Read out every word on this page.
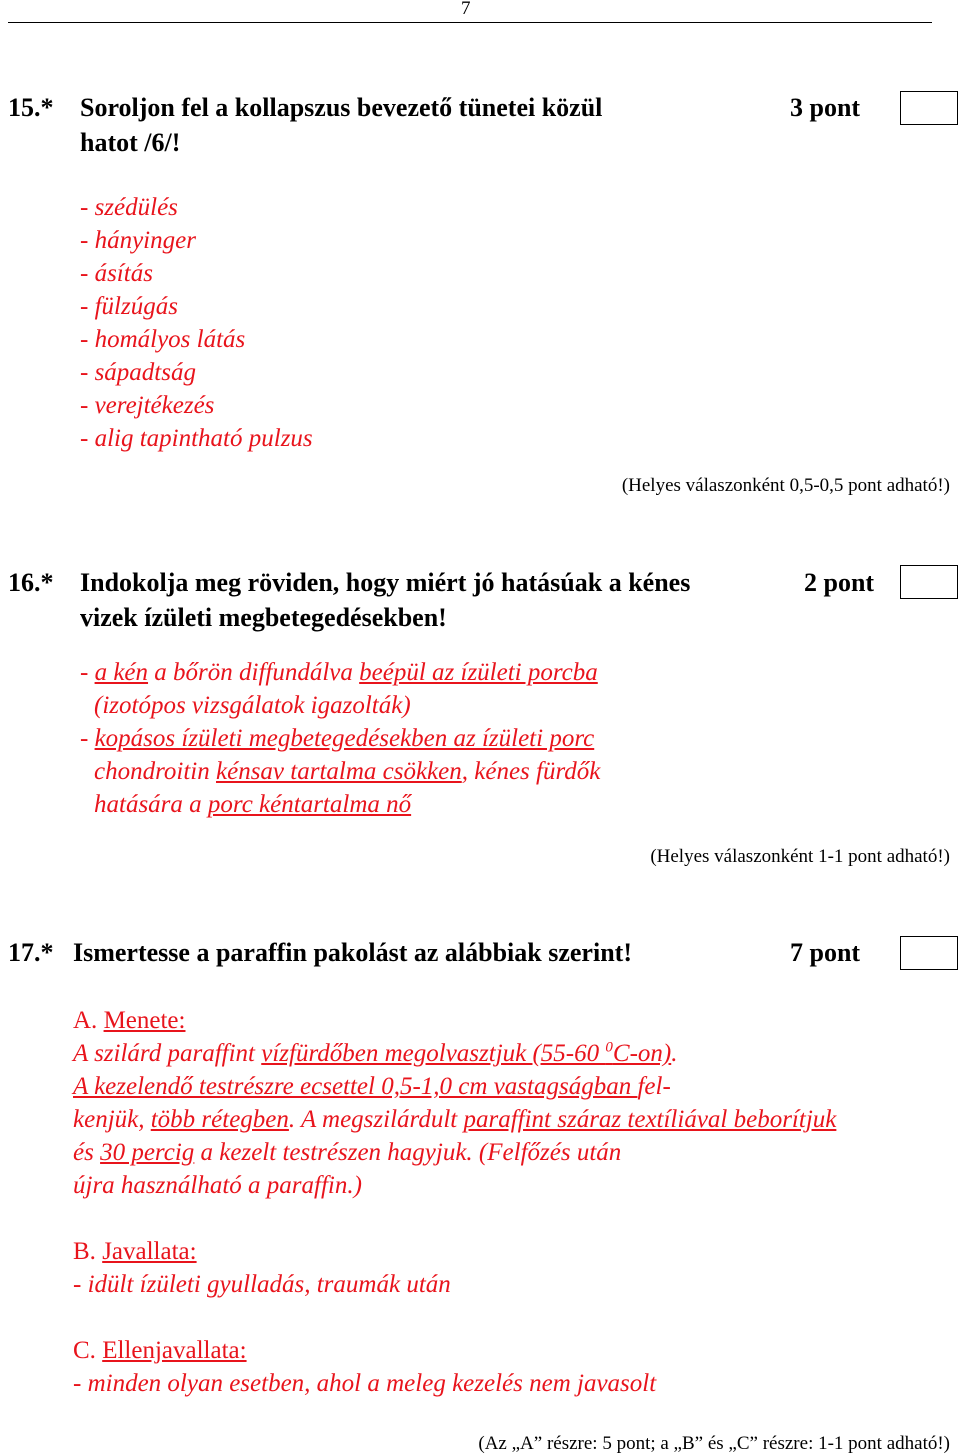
7
15.* Soroljon fel a kollapszus bevezető tünetei közül
hatot /6/!
3 pont
- szédülés
- hányinger
- ásítás
- fülzúgás
- homályos látás
- sápadtság
- verejtékezés
- alig tapintható pulzus
(Helyes válaszonként 0,5-0,5 pont adható!)
16.* Indokolja meg röviden, hogy miért jó hatásúak a kénes
vizek ízületi megbetegedésekben!
2 pont
- a kén a bőrön diffundálva beépül az ízületi porcba
(izotópos vizsgálatok igazolták)
- kopásos ízületi megbetegedésekben az ízületi porc
chondroitin kénsav tartalma csökken, kénes fürdők
hatására a porc kéntartalma nő
(Helyes válaszonként 1-1 pont adható!)
17.* Ismertesse a paraffin pakolást az alábbiak szerint!	7 pont
A. Menete:
A szilárd paraffint vízfürdőben megolvasztjuk (55-60 $^0$C-on).
A kezelendő testrészre ecsettel 0,5-1,0 cm vastagságban fel-
kenjük, több rétegben. A megszilárdult paraffint száraz textíliával beborítjuk
és 30 percig a kezelt testrészen hagyjuk. (Felfőzés után
újra használható a paraffin.)
B. Javallata:
- idült ízületi gyulladás, traumák után
C. Ellenjavallata:
- minden olyan esetben, ahol a meleg kezelés nem javasolt
(Az „A” részre: 5 pont; a „B” és „C” részre: 1-1 pont adható!)
